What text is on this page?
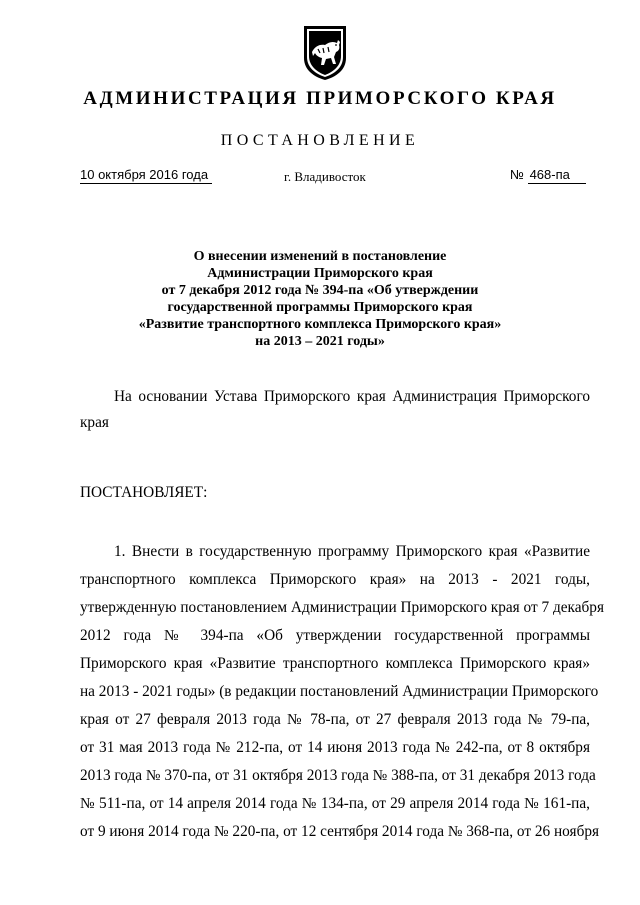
АДМИНИСТРАЦИЯ ПРИМОРСКОГО КРАЯ
ПОСТАНОВЛЕНИЕ
10 октября 2016 года	г. Владивосток	№ 468-па
О внесении изменений в постановление
Администрации Приморского края
от 7 декабря 2012 года № 394-па «Об утверждении
государственной программы Приморского края
«Развитие транспортного комплекса Приморского края»
на 2013 – 2021 годы»
На основании Устава Приморского края Администрация Приморского
края
ПОСТАНОВЛЯЕТ:
1. Внести в государственную программу Приморского края «Развитие
транспортного комплекса Приморского края» на 2013 - 2021 годы,
утвержденную постановлением Администрации Приморского края от 7 декабря
2012 года № 394-па «Об утверждении государственной программы
Приморского края «Развитие транспортного комплекса Приморского края»
на 2013 - 2021 годы» (в редакции постановлений Администрации Приморского
края от 27 февраля 2013 года № 78-па, от 27 февраля 2013 года № 79-па,
от 31 мая 2013 года № 212-па, от 14 июня 2013 года № 242-па, от 8 октября
2013 года № 370-па, от 31 октября 2013 года № 388-па, от 31 декабря 2013 года
№ 511-па, от 14 апреля 2014 года № 134-па, от 29 апреля 2014 года № 161-па,
от 9 июня 2014 года № 220-па, от 12 сентября 2014 года № 368-па, от 26 ноября
